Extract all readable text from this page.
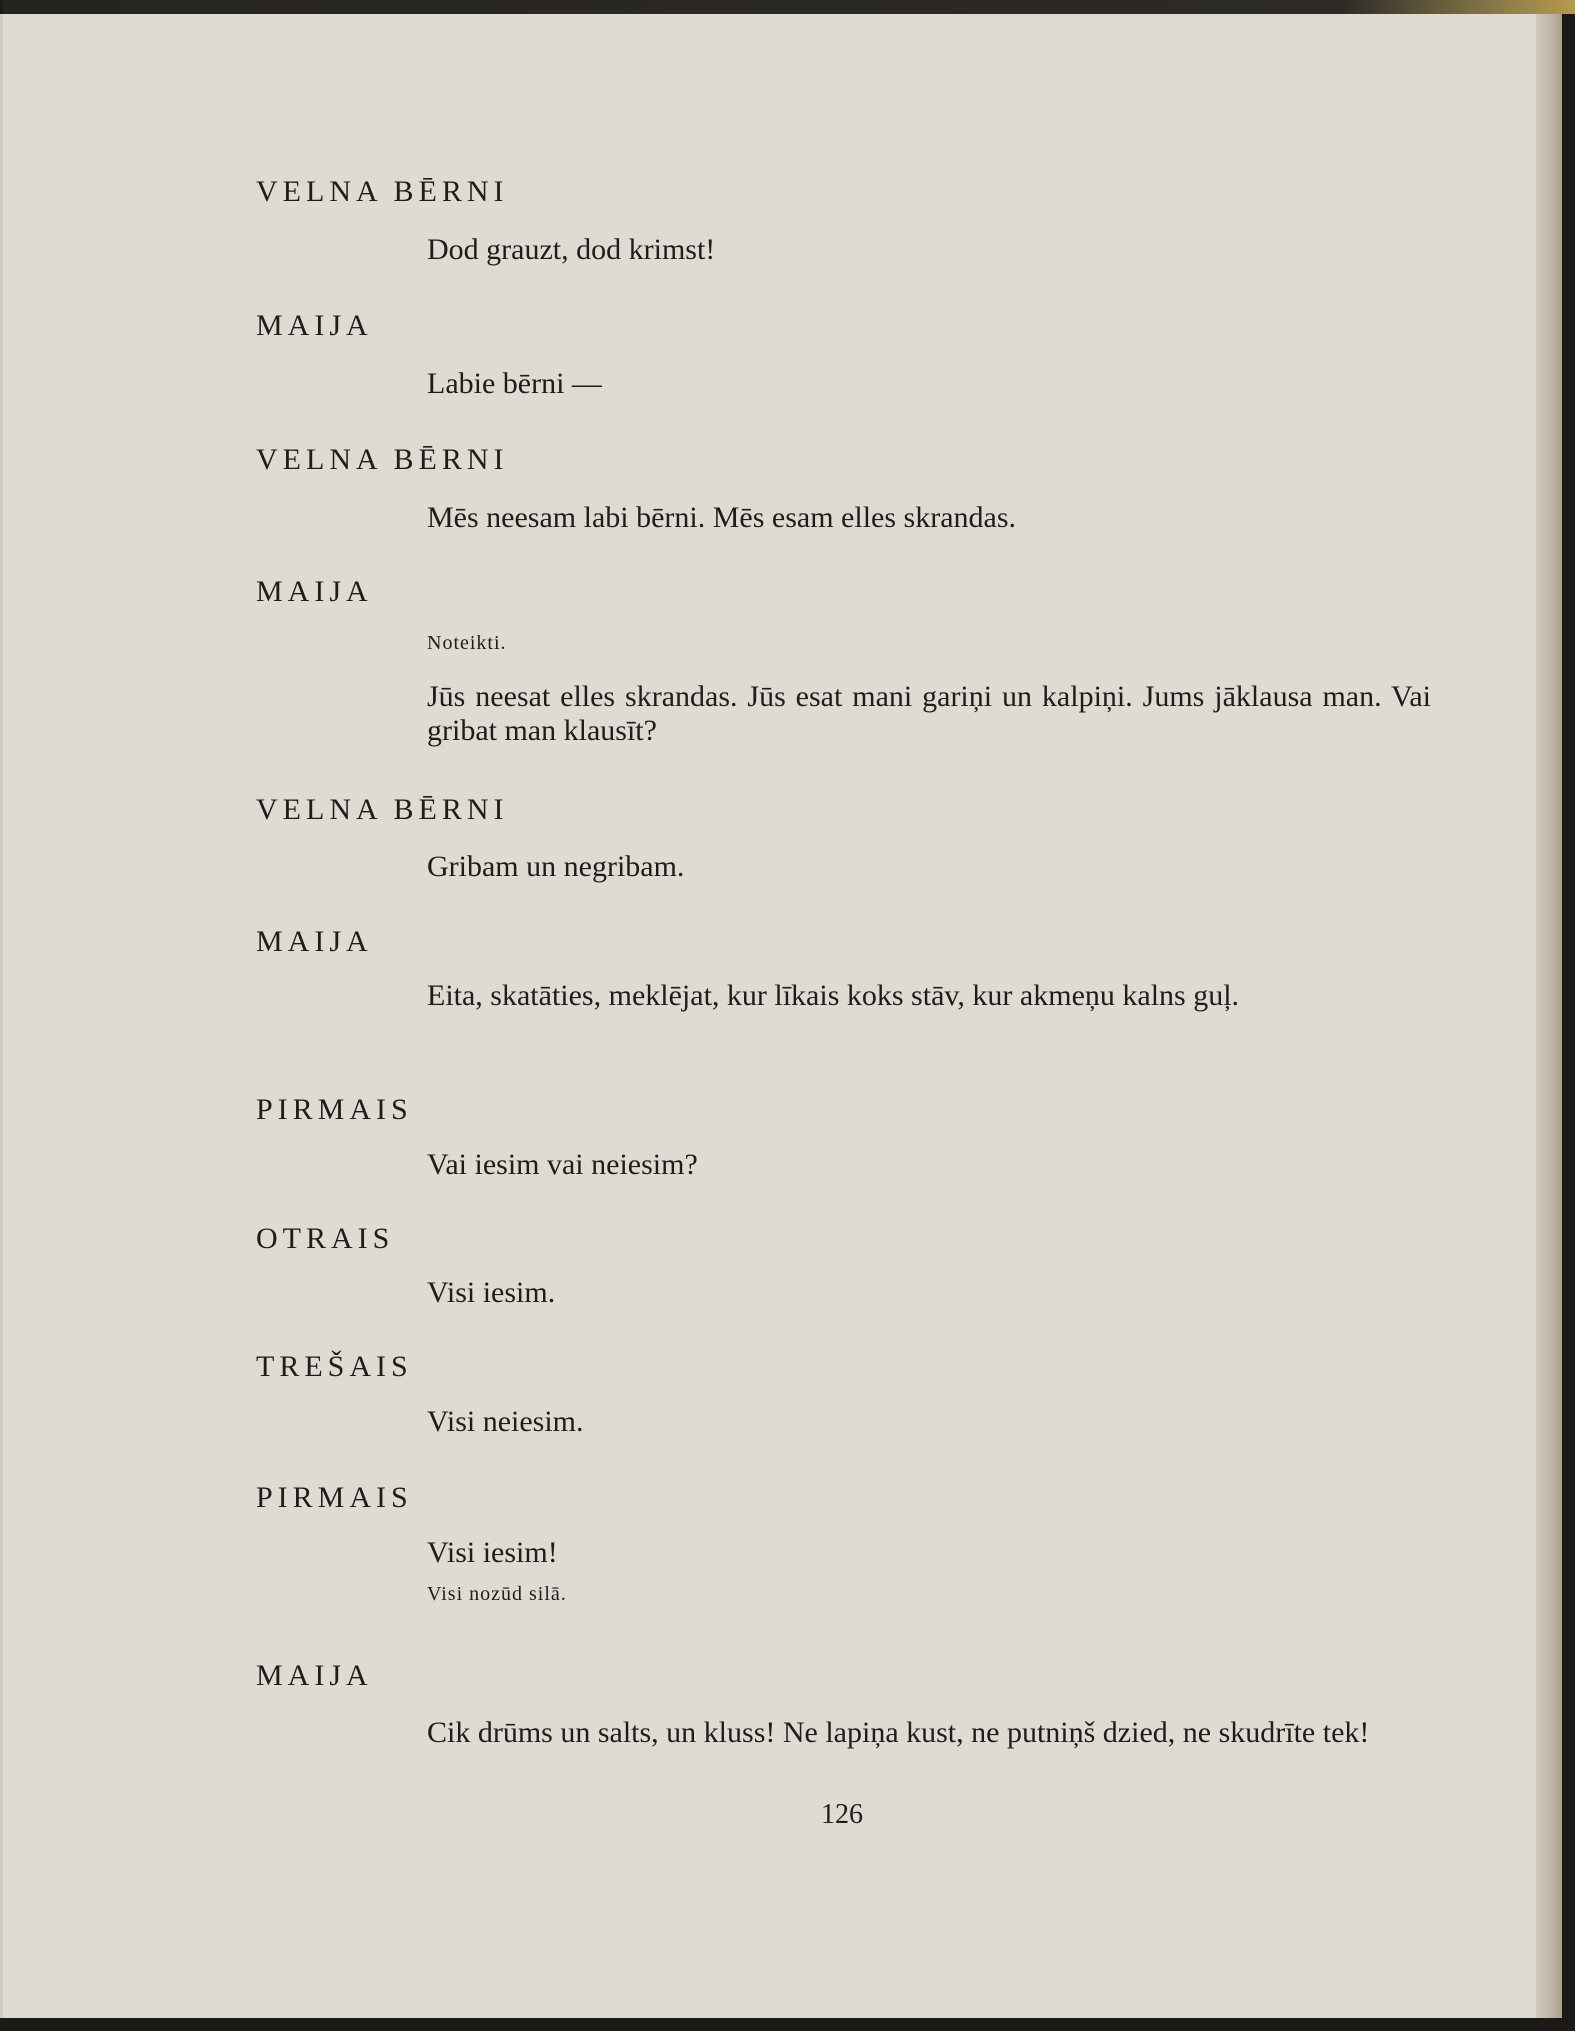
VELNA BĒRNI
Dod grauzt, dod krimst!
MAIJA
Labie bērni —
VELNA BĒRNI
Mēs neesam labi bērni. Mēs esam elles skrandas.
MAIJA
Noteikti.
Jūs neesat elles skrandas. Jūs esat mani gariņi un kalpiņi. Jums jāklausa man. Vai gribat man klausīt?
VELNA BĒRNI
Gribam un negribam.
MAIJA
Eita, skatāties, meklējat, kur līkais koks stāv, kur akmeņu kalns guļ.
PIRMAIS
Vai iesim vai neiesim?
OTRAIS
Visi iesim.
TREŠAIS
Visi neiesim.
PIRMAIS
Visi iesim!
Visi nozūd silā.
MAIJA
Cik drūms un salts, un kluss! Ne lapiņa kust, ne putniņš dzied, ne skudrīte tek!
126
